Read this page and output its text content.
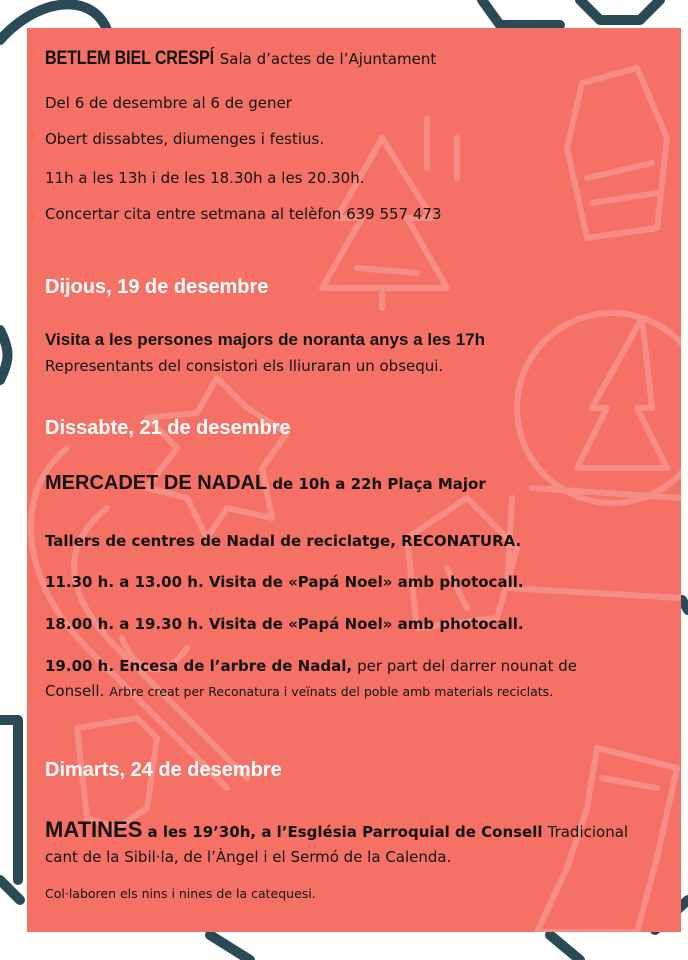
BETLEM BIEL CRESPÍ Sala d’actes de l’Ajuntament
Del 6 de desembre al 6 de gener
Obert dissabtes, diumenges i festius.
11h a les 13h i de les 18.30h a les 20.30h.
Concertar cita entre setmana al telèfon 639 557 473
Dijous, 19 de desembre
Visita a les persones majors de noranta anys a les 17h
Representants del consistori els lliuraran un obsequi.
Dissabte, 21 de desembre
MERCADET DE NADAL de 10h a 22h Plaça Major
Tallers de centres de Nadal de reciclatge, RECONATURA.
11.30 h. a 13.00 h. Visita de «Papá Noel» amb photocall.
18.00 h. a 19.30 h. Visita de «Papá Noel» amb photocall.
19.00 h. Encesa de l’arbre de Nadal, per part del darrer nounat de
Consell. Arbre creat per Reconatura i veïnats del poble amb materials reciclats.
Dimarts, 24 de desembre
MATINES a les 19’30h, a l’Església Parroquial de Consell Tradicional
cant de la Sibil·la, de l’Àngel i el Sermó de la Calenda.
Col·laboren els nins i nines de la catequesi.
